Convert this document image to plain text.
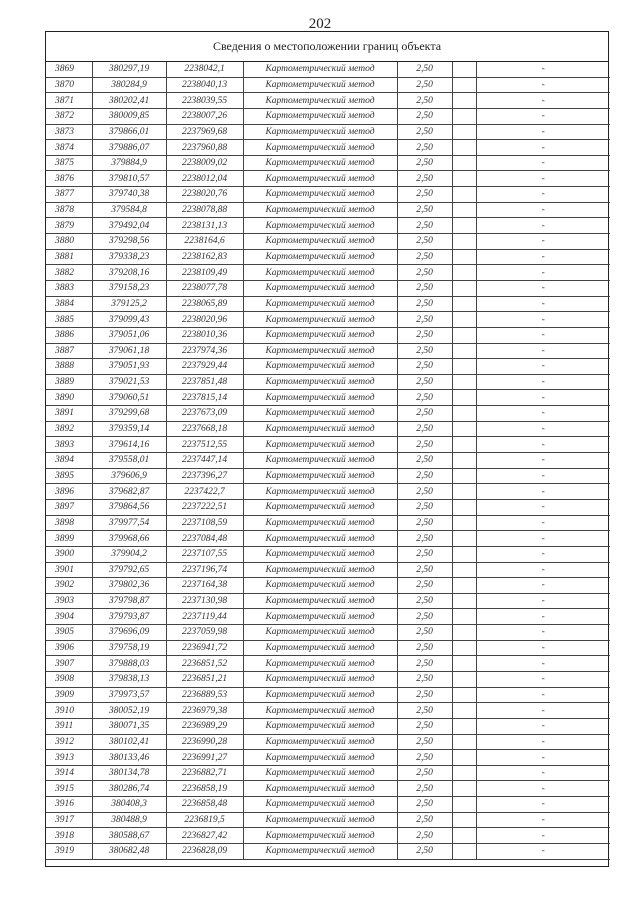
202
Сведения о местоположении границ объекта
3869	380297,19	2238042,1	Картометрический метод	2,50		-
3870	380284,9	2238040,13	Картометрический метод	2,50		-
3871	380202,41	2238039,55	Картометрический метод	2,50		-
3872	380009,85	2238007,26	Картометрический метод	2,50		-
3873	379866,01	2237969,68	Картометрический метод	2,50		-
3874	379886,07	2237960,88	Картометрический метод	2,50		-
3875	379884,9	2238009,02	Картометрический метод	2,50		-
3876	379810,57	2238012,04	Картометрический метод	2,50		-
3877	379740,38	2238020,76	Картометрический метод	2,50		-
3878	379584,8	2238078,88	Картометрический метод	2,50		-
3879	379492,04	2238131,13	Картометрический метод	2,50		-
3880	379298,56	2238164,6	Картометрический метод	2,50		-
3881	379338,23	2238162,83	Картометрический метод	2,50		-
3882	379208,16	2238109,49	Картометрический метод	2,50		-
3883	379158,23	2238077,78	Картометрический метод	2,50		-
3884	379125,2	2238065,89	Картометрический метод	2,50		-
3885	379099,43	2238020,96	Картометрический метод	2,50		-
3886	379051,06	2238010,36	Картометрический метод	2,50		-
3887	379061,18	2237974,36	Картометрический метод	2,50		-
3888	379051,93	2237929,44	Картометрический метод	2,50		-
3889	379021,53	2237851,48	Картометрический метод	2,50		-
3890	379060,51	2237815,14	Картометрический метод	2,50		-
3891	379299,68	2237673,09	Картометрический метод	2,50		-
3892	379359,14	2237668,18	Картометрический метод	2,50		-
3893	379614,16	2237512,55	Картометрический метод	2,50		-
3894	379558,01	2237447,14	Картометрический метод	2,50		-
3895	379606,9	2237396,27	Картометрический метод	2,50		-
3896	379682,87	2237422,7	Картометрический метод	2,50		-
3897	379864,56	2237222,51	Картометрический метод	2,50		-
3898	379977,54	2237108,59	Картометрический метод	2,50		-
3899	379968,66	2237084,48	Картометрический метод	2,50		-
3900	379904,2	2237107,55	Картометрический метод	2,50		-
3901	379792,65	2237196,74	Картометрический метод	2,50		-
3902	379802,36	2237164,38	Картометрический метод	2,50		-
3903	379798,87	2237130,98	Картометрический метод	2,50		-
3904	379793,87	2237119,44	Картометрический метод	2,50		-
3905	379696,09	2237059,98	Картометрический метод	2,50		-
3906	379758,19	2236941,72	Картометрический метод	2,50		-
3907	379888,03	2236851,52	Картометрический метод	2,50		-
3908	379838,13	2236851,21	Картометрический метод	2,50		-
3909	379973,57	2236889,53	Картометрический метод	2,50		-
3910	380052,19	2236979,38	Картометрический метод	2,50		-
3911	380071,35	2236989,29	Картометрический метод	2,50		-
3912	380102,41	2236990,28	Картометрический метод	2,50		-
3913	380133,46	2236991,27	Картометрический метод	2,50		-
3914	380134,78	2236882,71	Картометрический метод	2,50		-
3915	380286,74	2236858,19	Картометрический метод	2,50		-
3916	380408,3	2236858,48	Картометрический метод	2,50		-
3917	380488,9	2236819,5	Картометрический метод	2,50		-
3918	380588,67	2236827,42	Картометрический метод	2,50		-
3919	380682,48	2236828,09	Картометрический метод	2,50		-
